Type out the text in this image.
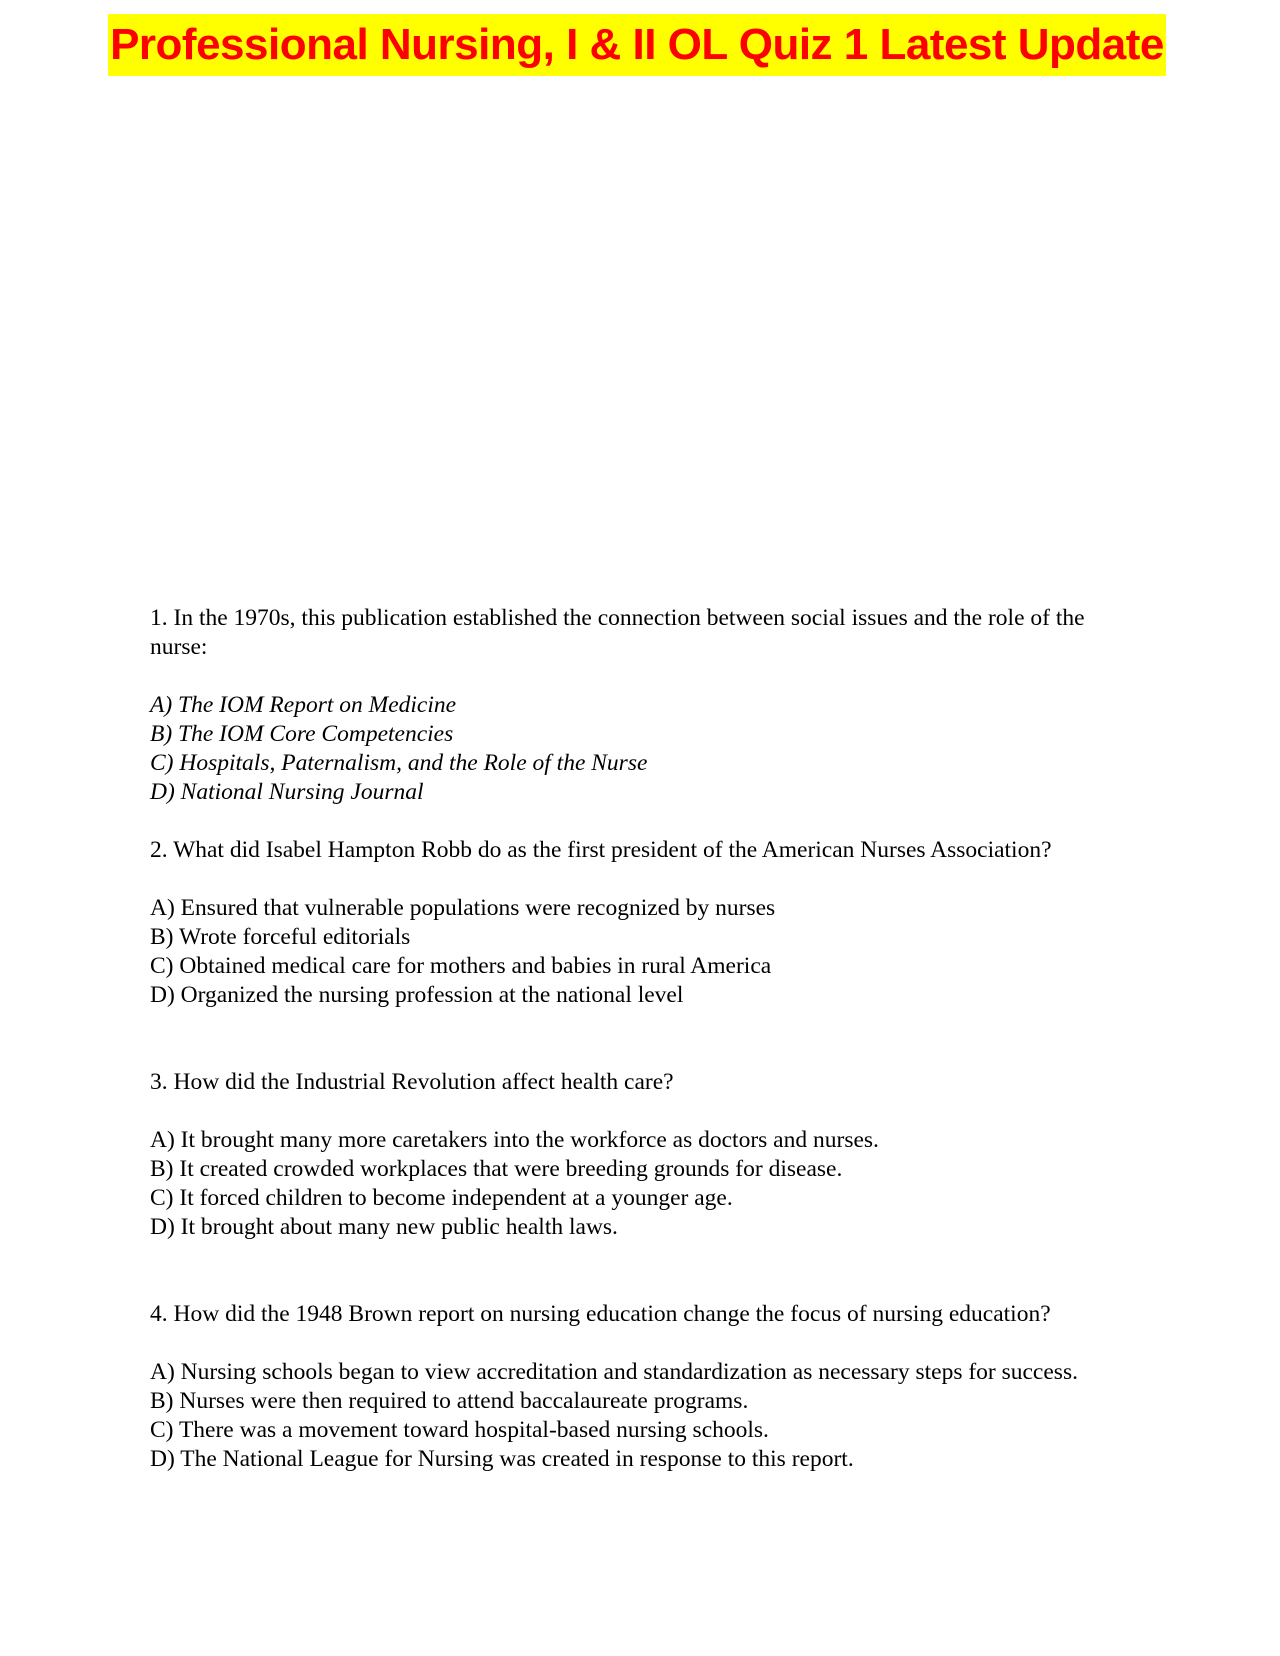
Professional Nursing, I & II OL Quiz 1 Latest Update

1. In the 1970s, this publication established the connection between social issues and the role of the nurse:

A) The IOM Report on Medicine
B) The IOM Core Competencies
C) Hospitals, Paternalism, and the Role of the Nurse
D) National Nursing Journal

2. What did Isabel Hampton Robb do as the first president of the American Nurses Association?

A) Ensured that vulnerable populations were recognized by nurses
B) Wrote forceful editorials
C) Obtained medical care for mothers and babies in rural America
D) Organized the nursing profession at the national level

3. How did the Industrial Revolution affect health care?

A) It brought many more caretakers into the workforce as doctors and nurses.
B) It created crowded workplaces that were breeding grounds for disease.
C) It forced children to become independent at a younger age.
D) It brought about many new public health laws.

4. How did the 1948 Brown report on nursing education change the focus of nursing education?

A) Nursing schools began to view accreditation and standardization as necessary steps for success.
B) Nurses were then required to attend baccalaureate programs.
C) There was a movement toward hospital-based nursing schools.
D) The National League for Nursing was created in response to this report.
